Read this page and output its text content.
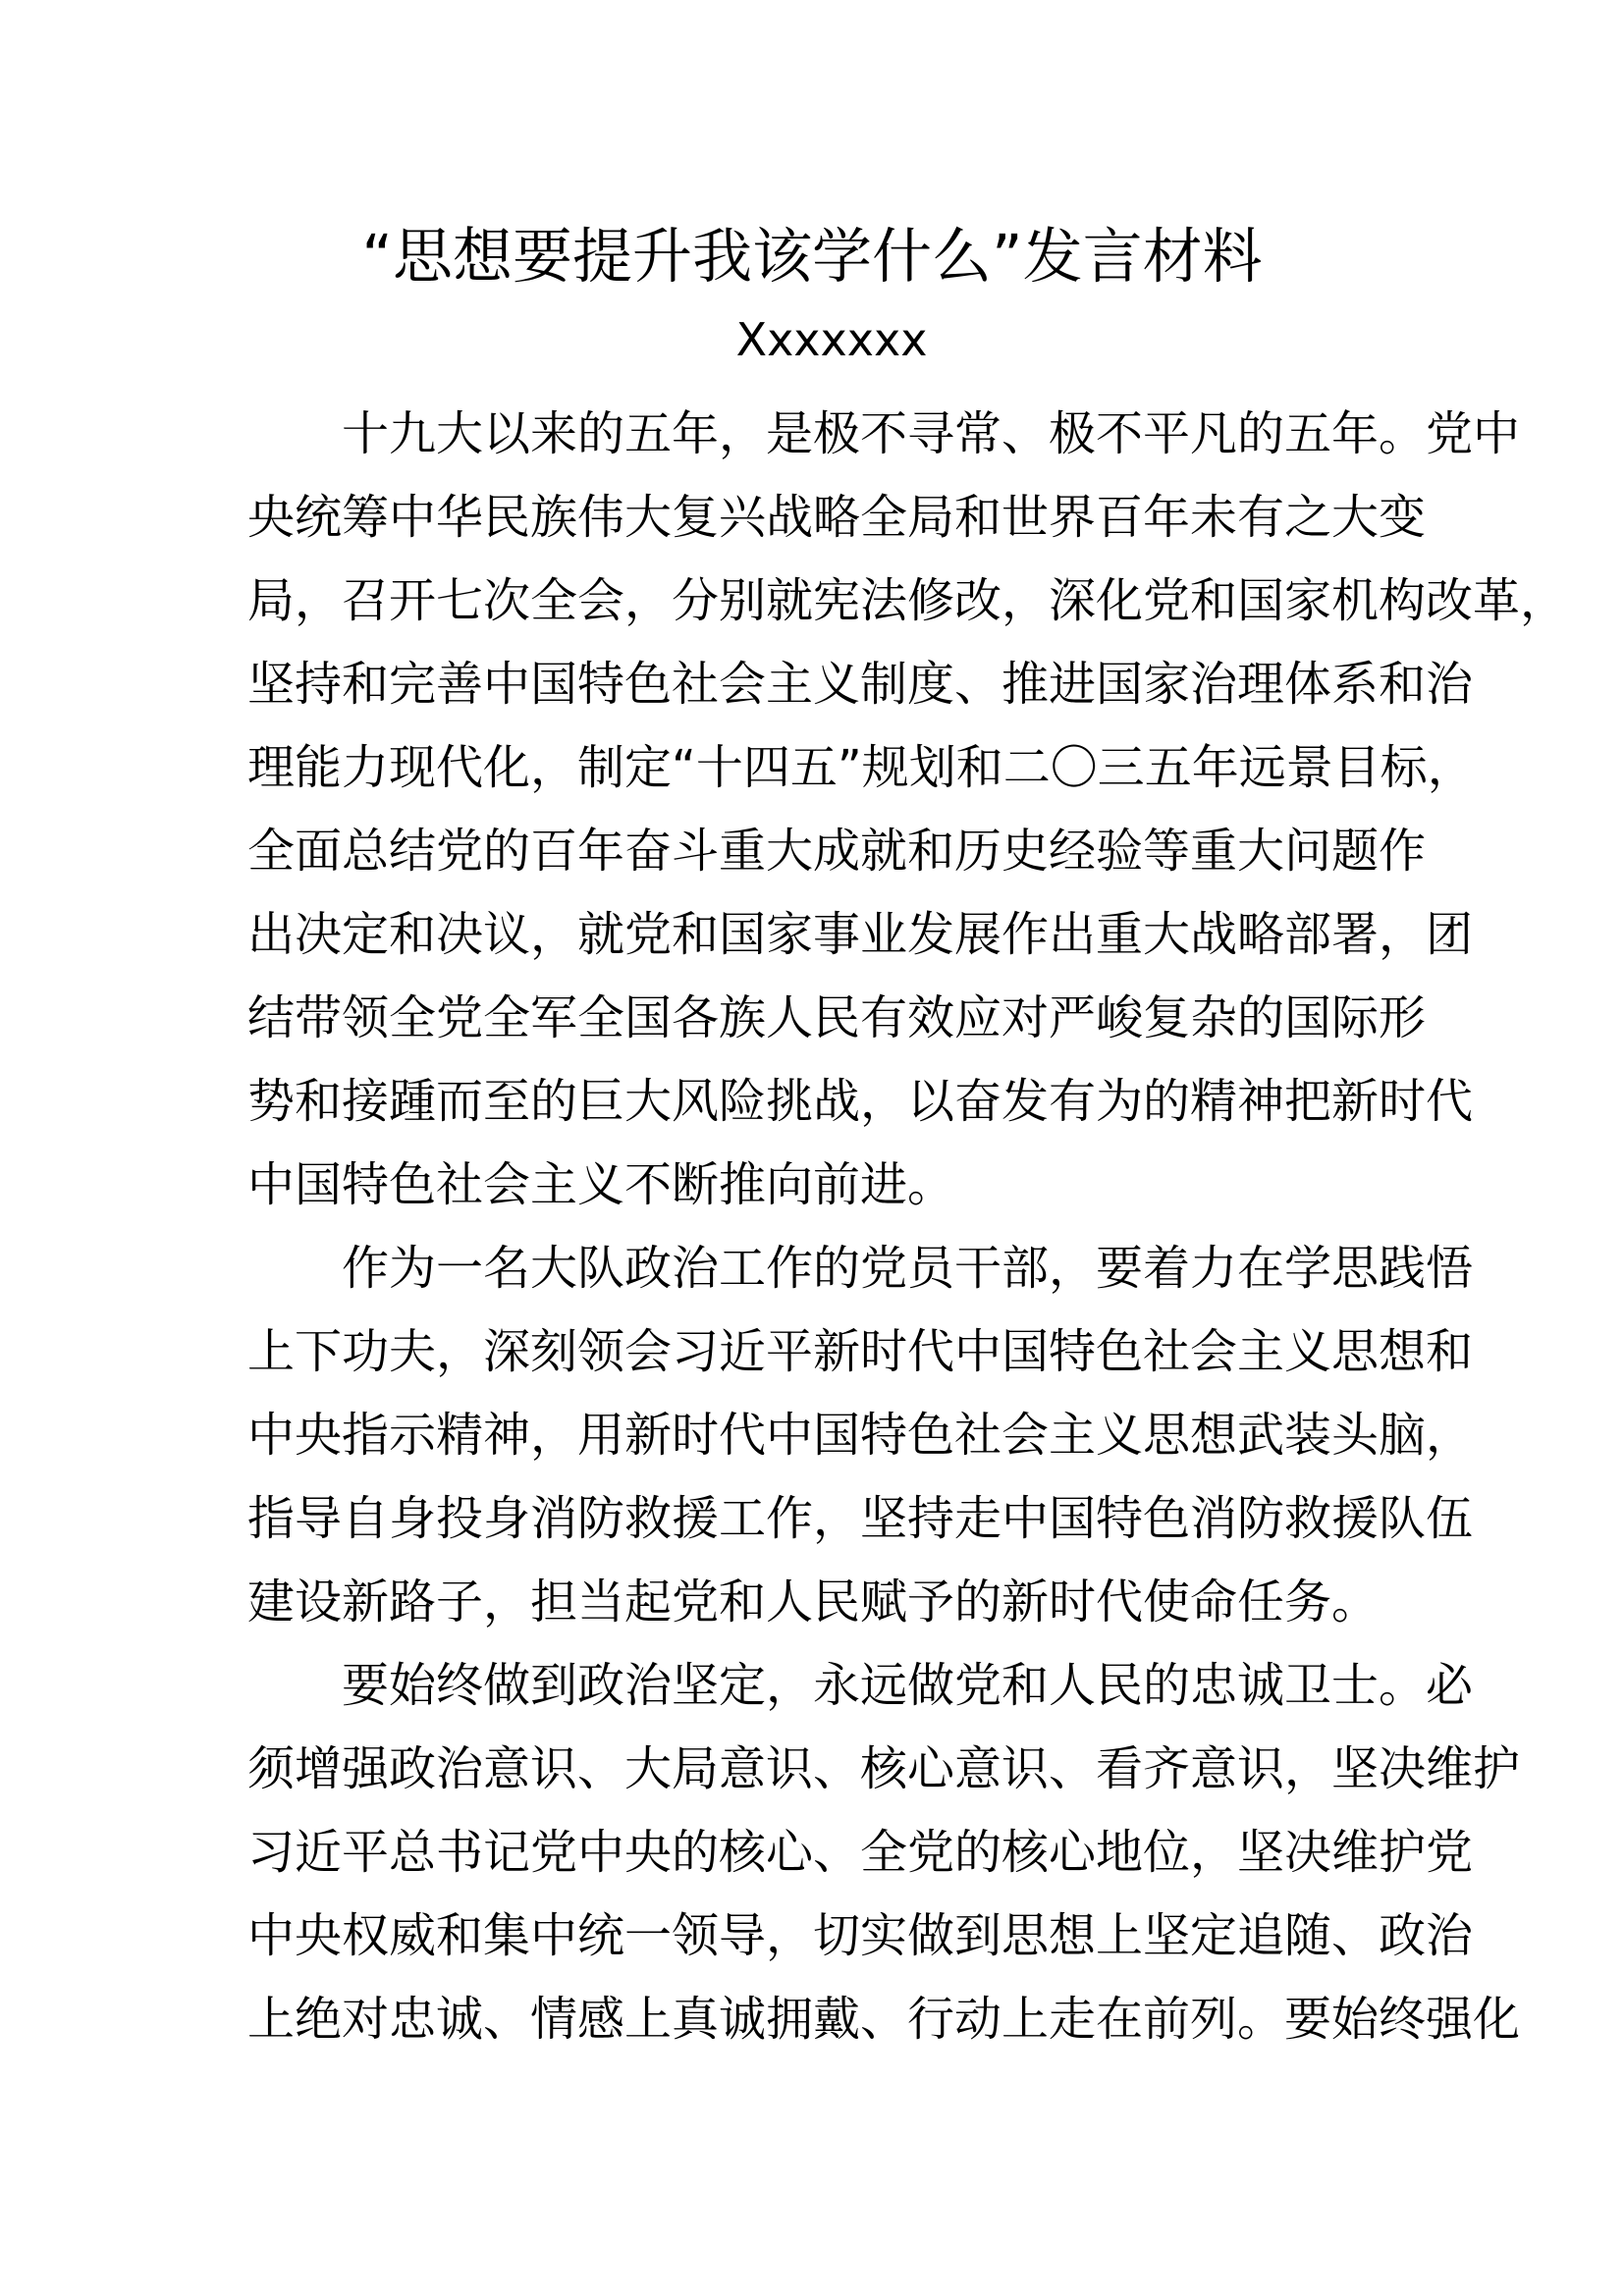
“思想要提升我该学什么”发言材料
Xxxxxxx
十九大以来的五年，是极不寻常、极不平凡的五年。党中
央统筹中华民族伟大复兴战略全局和世界百年未有之大变
局，召开七次全会，分别就宪法修改，深化党和国家机构改革，
坚持和完善中国特色社会主义制度、推进国家治理体系和治
理能力现代化，制定“十四五”规划和二〇三五年远景目标，
全面总结党的百年奋斗重大成就和历史经验等重大问题作
出决定和决议，就党和国家事业发展作出重大战略部署，团
结带领全党全军全国各族人民有效应对严峻复杂的国际形
势和接踵而至的巨大风险挑战，以奋发有为的精神把新时代
中国特色社会主义不断推向前进。
作为一名大队政治工作的党员干部，要着力在学思践悟
上下功夫，深刻领会习近平新时代中国特色社会主义思想和
中央指示精神，用新时代中国特色社会主义思想武装头脑，
指导自身投身消防救援工作，坚持走中国特色消防救援队伍
建设新路子，担当起党和人民赋予的新时代使命任务。
要始终做到政治坚定，永远做党和人民的忠诚卫士。必
须增强政治意识、大局意识、核心意识、看齐意识，坚决维护
习近平总书记党中央的核心、全党的核心地位，坚决维护党
中央权威和集中统一领导，切实做到思想上坚定追随、政治
上绝对忠诚、情感上真诚拥戴、行动上走在前列。要始终强化
